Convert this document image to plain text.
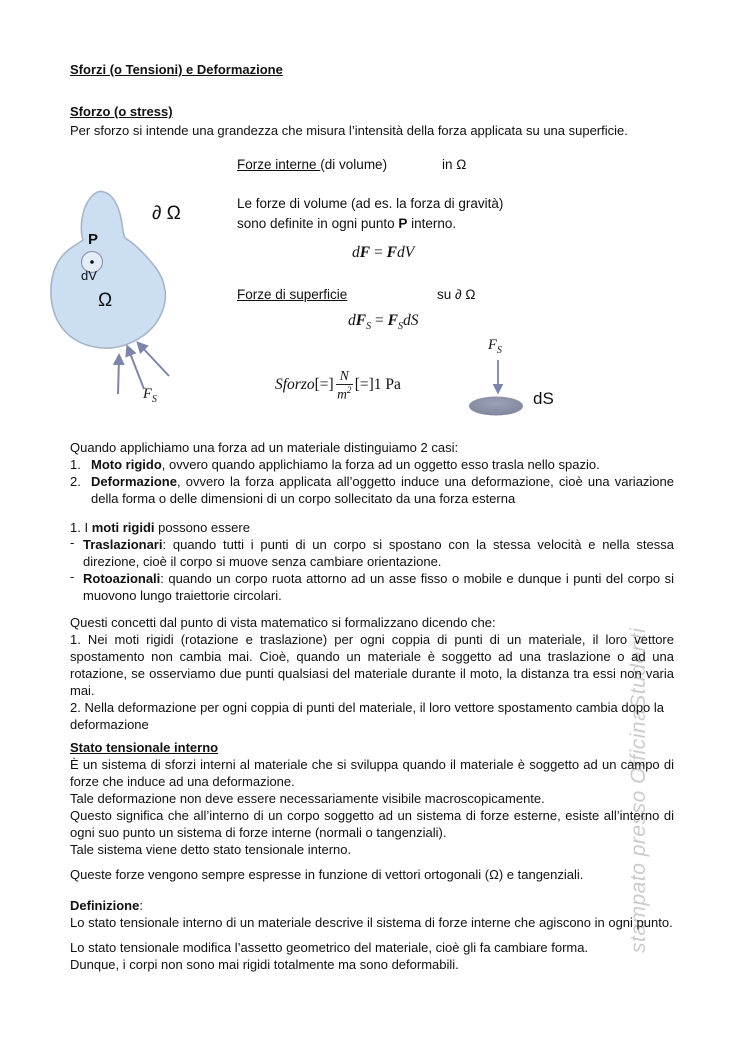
stampato presso OfficinaStudenti
Sforzi (o Tensioni) e Deformazione
Sforzo (o stress)
Per sforzo si intende una grandezza che misura l’intensità della forza applicata su una superficie.
∂ Ω
P
dV
Ω
$F_S$
Forze interne (di volume)	in Ω
Le forze di volume (ad es. la forza di gravità)
sono definite in ogni punto P interno.
dF = FdV
Forze di superficie	su ∂ Ω
$dF_S = F_SdS$
Sforzo[=] $\frac{N}{m^2} [=]1$ Pa
$F_S$
dS
Quando applichiamo una forza ad un materiale distinguiamo 2 casi:
1. Moto rigido, ovvero quando applichiamo la forza ad un oggetto esso trasla nello spazio.
2. Deformazione, ovvero la forza applicata all’oggetto induce una deformazione, cioè una variazione della forma o delle dimensioni di un corpo sollecitato da una forza esterna
1. I moti rigidi possono essere
- Traslazionari: quando tutti i punti di un corpo si spostano con la stessa velocità e nella stessa direzione, cioè il corpo si muove senza cambiare orientazione.
- Rotoazionali: quando un corpo ruota attorno ad un asse fisso o mobile e dunque i punti del corpo si muovono lungo traiettorie circolari.
Questi concetti dal punto di vista matematico si formalizzano dicendo che:
1. Nei moti rigidi (rotazione e traslazione) per ogni coppia di punti di un materiale, il loro vettore spostamento non cambia mai. Cioè, quando un materiale è soggetto ad una traslazione o ad una rotazione, se osserviamo due punti qualsiasi del materiale durante il moto, la distanza tra essi non varia mai.
2. Nella deformazione per ogni coppia di punti del materiale, il loro vettore spostamento cambia dopo la deformazione
Stato tensionale interno
È un sistema di sforzi interni al materiale che si sviluppa quando il materiale è soggetto ad un campo di forze che induce ad una deformazione.
Tale deformazione non deve essere necessariamente visibile macroscopicamente.
Questo significa che all’interno di un corpo soggetto ad un sistema di forze esterne, esiste all’interno di ogni suo punto un sistema di forze interne (normali o tangenziali).
Tale sistema viene detto stato tensionale interno.
Queste forze vengono sempre espresse in funzione di vettori ortogonali (Ω) e tangenziali.
Definizione:
Lo stato tensionale interno di un materiale descrive il sistema di forze interne che agiscono in ogni punto.
Lo stato tensionale modifica l’assetto geometrico del materiale, cioè gli fa cambiare forma.
Dunque, i corpi non sono mai rigidi totalmente ma sono deformabili.
